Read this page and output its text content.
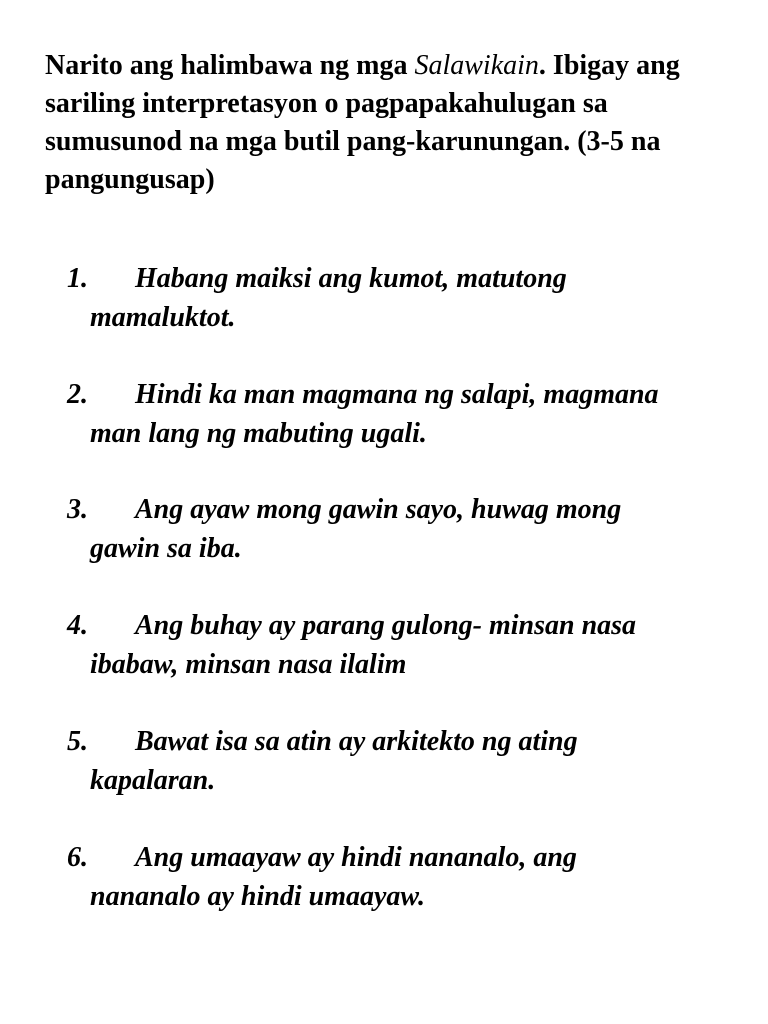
Narito ang halimbawa ng mga Salawikain. Ibigay ang sariling interpretasyon o pagpapakahulugan sa sumusunod na mga butil pang-karunungan. (3-5 na pangungusap)

1. Habang maiksi ang kumot, matutong
mamaluktot.
2. Hindi ka man magmana ng salapi, magmana
man lang ng mabuting ugali.
3. Ang ayaw mong gawin sayo, huwag mong
gawin sa iba.
4. Ang buhay ay parang gulong- minsan nasa
ibabaw, minsan nasa ilalim
5. Bawat isa sa atin ay arkitekto ng ating
kapalaran.
6. Ang umaayaw ay hindi nananalo, ang
nananalo ay hindi umaayaw.
